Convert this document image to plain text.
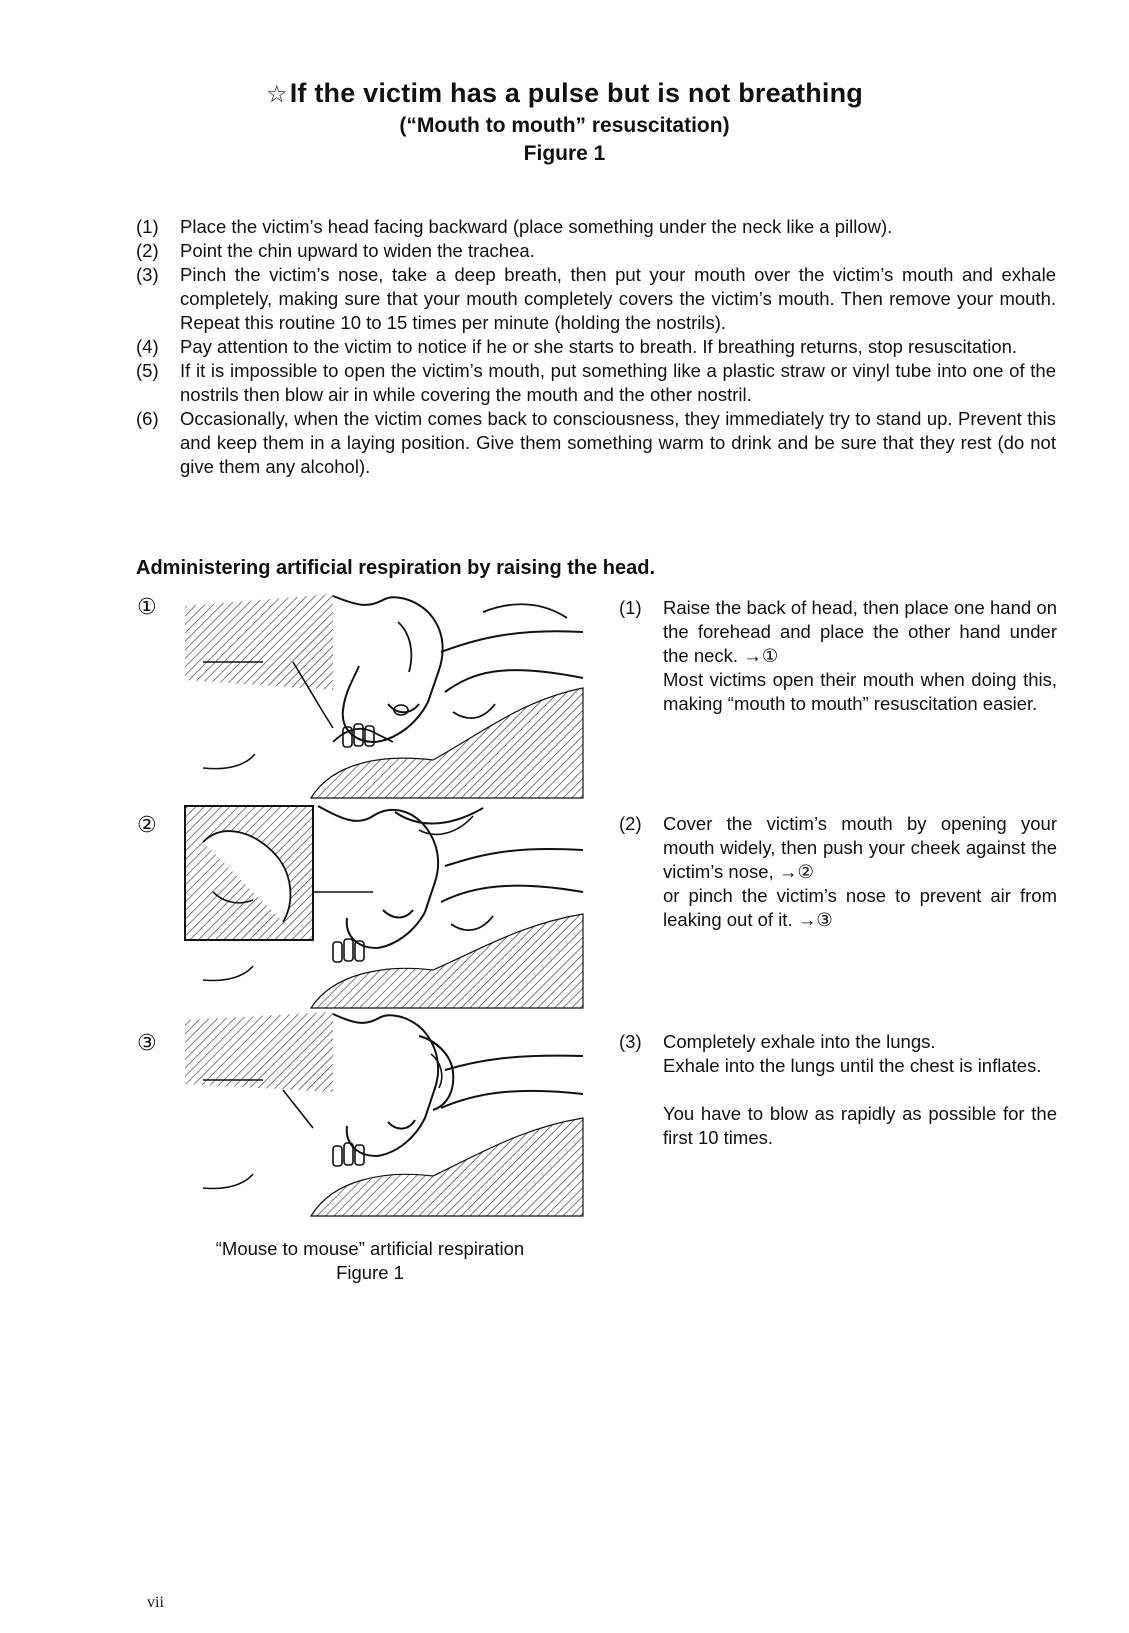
☆If the victim has a pulse but is not breathing
(“Mouth to mouth” resuscitation)
Figure 1
(1)	Place the victim’s head facing backward (place something under the neck like a pillow).
(2)	Point the chin upward to widen the trachea.
(3)	Pinch the victim’s nose, take a deep breath, then put your mouth over the victim’s mouth and exhale completely, making sure that your mouth completely covers the victim’s mouth. Then remove your mouth. Repeat this routine 10 to 15 times per minute (holding the nostrils).
(4)	Pay attention to the victim to notice if he or she starts to breath. If breathing returns, stop resuscitation.
(5)	If it is impossible to open the victim’s mouth, put something like a plastic straw or vinyl tube into one of the nostrils then blow air in while covering the mouth and the other nostril.
(6)	Occasionally, when the victim comes back to consciousness, they immediately try to stand up. Prevent this and keep them in a laying position. Give them something warm to drink and be sure that they rest (do not give them any alcohol).
Administering artificial respiration by raising the head.
①	(1) Raise the back of head, then place one hand on the forehead and place the other hand under the neck. →①
Most victims open their mouth when doing this, making “mouth to mouth” resuscitation easier.
②	(2) Cover the victim’s mouth by opening your mouth widely, then push your cheek against the victim’s nose, →②
or pinch the victim’s nose to prevent air from leaking out of it. →③
③	(3) Completely exhale into the lungs.
Exhale into the lungs until the chest is inflates.
You have to blow as rapidly as possible for the first 10 times.
“Mouse to mouse” artificial respiration
Figure 1
vii
